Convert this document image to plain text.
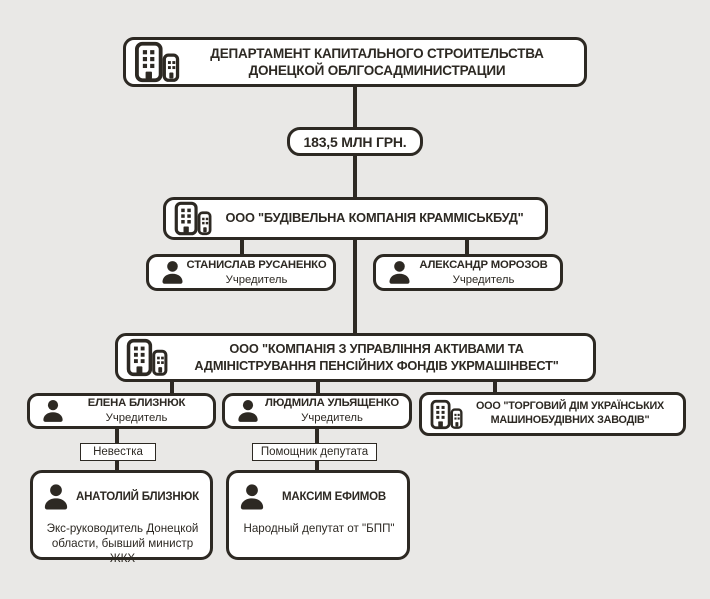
ДЕПАРТАМЕНТ КАПИТАЛЬНОГО СТРОИТЕЛЬСТВА
ДОНЕЦКОЙ ОБЛГОСАДМИНИСТРАЦИИ
183,5 МЛН ГРН.
ООО "БУДІВЕЛЬНА КОМПАНІЯ КРАММІСЬКБУД"
СТАНИСЛАВ РУСАНЕНКО
Учредитель
АЛЕКСАНДР МОРОЗОВ
Учредитель
ООО "КОМПАНІЯ З УПРАВЛІННЯ АКТИВАМИ ТА
АДМІНІСТРУВАННЯ ПЕНСІЙНИХ ФОНДІВ УКРМАШІНВЕСТ"
ЕЛЕНА БЛИЗНЮК
Учредитель
ЛЮДМИЛА УЛЬЯЩЕНКО
Учредитель
ООО "ТОРГОВИЙ ДІМ УКРАЇНСЬКИХ
МАШИНОБУДІВНИХ ЗАВОДІВ"
Невестка	Помощник депутата
АНАТОЛИЙ БЛИЗНЮК
Экс-руководитель Донецкой
области, бывший министр ЖКХ
МАКСИМ ЕФИМОВ
Народный депутат от "БПП"
